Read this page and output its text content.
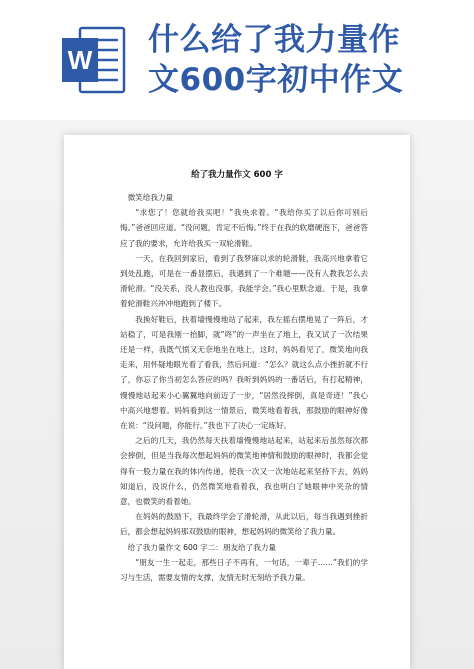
W
什么给了我力量作
文600字初中作文
给了我力量作文 600 字

微笑给我力量

“求您了！您就给我买吧！”我央求着。“我给你买了以后你可别后悔。”爸爸回应道。“没问题，肯定不后悔。”终于在我的软磨硬泡下，爸爸答应了我的要求，允许给我买一双轮滑鞋。

一天，在我回到家后，看到了我梦寐以求的轮滑鞋，我高兴地拿着它到处乱跑，可是在一番显摆后，我遇到了一个难题——没有人教我怎么去滑轮滑。“没关系，没人教也没事，我能学会。”我心里默念道。于是，我拿着轮滑鞋兴冲冲地跑到了楼下。

我换好鞋后，扶着墙慢慢地站了起来，我左摇右摆地晃了一阵后，才站稳了，可是我刚一抬脚，就“咚”的一声坐在了地上，我又试了一次结果还是一样，我既气愤又无奈地坐在地上，这时，妈妈看见了，微笑地向我走来，用怀疑地眼光看了看我，然后问道：“怎么？就这么点小挫折就不行了，你忘了你当初怎么答应的吗？我听到妈妈的一番话后，有打起精神，慢慢地站起来小心翼翼地向前迈了一步，“居然没摔倒，真是奇迹！”我心中高兴地想着。妈妈看到这一情景后，微笑地看着我，那鼓励的眼神好像在说：“没问题，你能行。”我也下了决心一定练好。

之后的几天，我仍然每天扶着墙慢慢地站起来，站起来后虽然每次都会摔倒，但是当我每次想起妈妈的微笑地神情和鼓励的眼神时，我都会觉得有一股力量在我的体内传递，使我一次又一次地站起来坚持下去，妈妈知道后，没说什么，仍然微笑地看着我，我也明白了她眼神中夹杂的情意，也微笑的看着她。

在妈妈的鼓励下，我最终学会了滑轮滑，从此以后，每当我遇到挫折后，都会想起妈妈那双鼓励的眼神，想起妈妈的微笑给了我力量。

给了我力量作文 600 字二：朋友给了我力量

“朋友一生一起走，那些日子不再有，一句话，一辈子……”我们的学习与生活，需要友情的支撑，友情无时无刻给予我力量。
